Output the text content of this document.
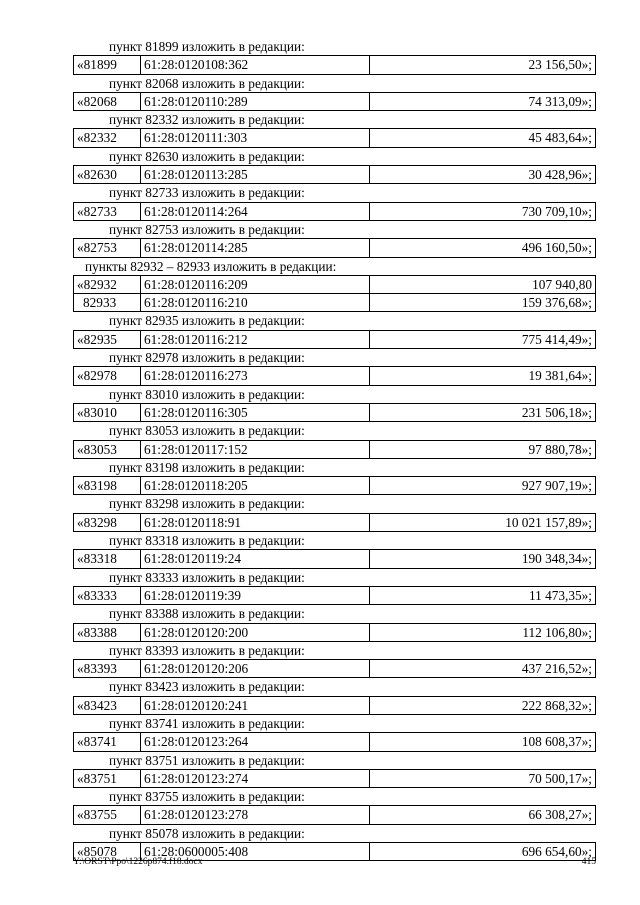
пункт 81899 изложить в редакции:
«81899	61:28:0120108:362	23 156,50»;
пункт 82068 изложить в редакции:
«82068	61:28:0120110:289	74 313,09»;
пункт 82332 изложить в редакции:
«82332	61:28:0120111:303	45 483,64»;
пункт 82630 изложить в редакции:
«82630	61:28:0120113:285	30 428,96»;
пункт 82733 изложить в редакции:
«82733	61:28:0120114:264	730 709,10»;
пункт 82753 изложить в редакции:
«82753	61:28:0120114:285	496 160,50»;
пункты 82932 – 82933 изложить в редакции:
«82932	61:28:0120116:209	107 940,80
82933	61:28:0120116:210	159 376,68»;
пункт 82935 изложить в редакции:
«82935	61:28:0120116:212	775 414,49»;
пункт 82978 изложить в редакции:
«82978	61:28:0120116:273	19 381,64»;
пункт 83010 изложить в редакции:
«83010	61:28:0120116:305	231 506,18»;
пункт 83053 изложить в редакции:
«83053	61:28:0120117:152	97 880,78»;
пункт 83198 изложить в редакции:
«83198	61:28:0120118:205	927 907,19»;
пункт 83298 изложить в редакции:
«83298	61:28:0120118:91	10 021 157,89»;
пункт 83318 изложить в редакции:
«83318	61:28:0120119:24	190 348,34»;
пункт 83333 изложить в редакции:
«83333	61:28:0120119:39	11 473,35»;
пункт 83388 изложить в редакции:
«83388	61:28:0120120:200	112 106,80»;
пункт 83393 изложить в редакции:
«83393	61:28:0120120:206	437 216,52»;
пункт 83423 изложить в редакции:
«83423	61:28:0120120:241	222 868,32»;
пункт 83741 изложить в редакции:
«83741	61:28:0120123:264	108 608,37»;
пункт 83751 изложить в редакции:
«83751	61:28:0120123:274	70 500,17»;
пункт 83755 изложить в редакции:
«83755	61:28:0120123:278	66 308,27»;
пункт 85078 изложить в редакции:
«85078	61:28:0600005:408	696 654,60»;
Y:\ORST\Ppo\1226p874.f18.docx	415
